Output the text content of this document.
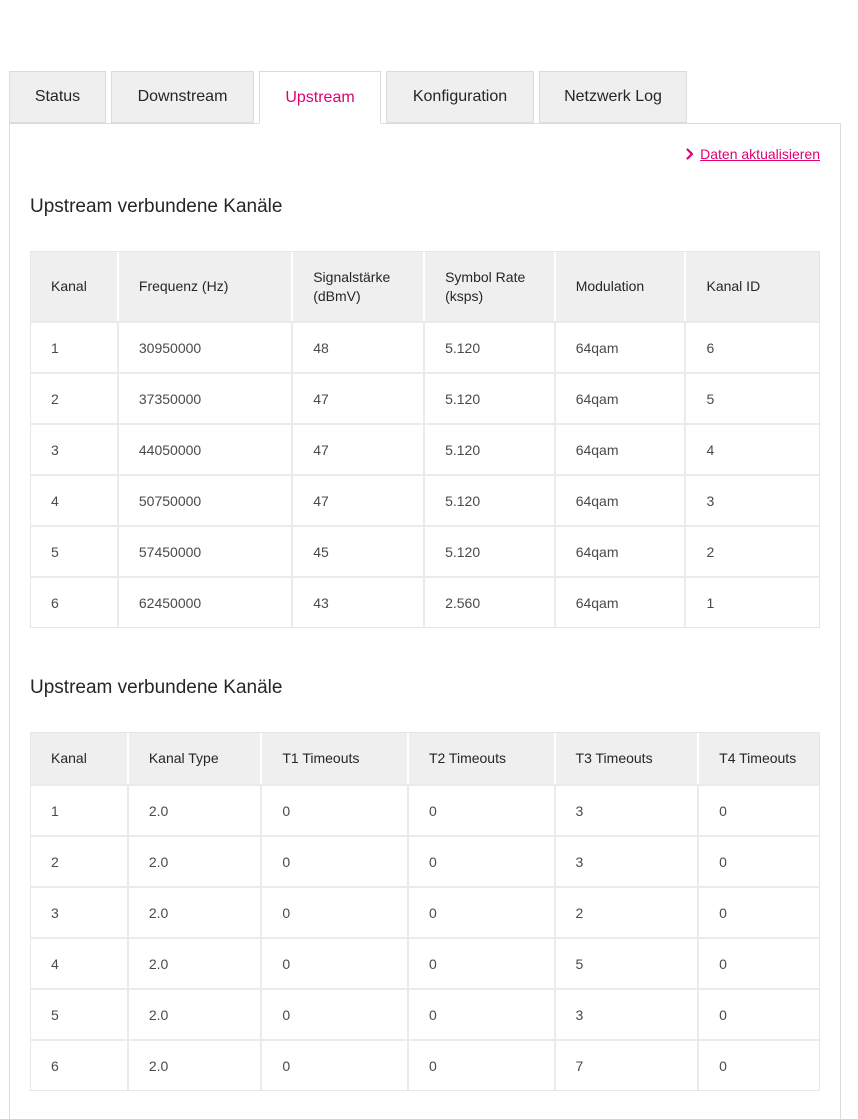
Status	Downstream	Upstream	Konfiguration	Netzwerk Log
Daten aktualisieren
Upstream verbundene Kanäle
Kanal	Frequenz (Hz)	Signalstärke (dBmV)	Symbol Rate (ksps)	Modulation	Kanal ID
1	30950000	48	5.120	64qam	6
2	37350000	47	5.120	64qam	5
3	44050000	47	5.120	64qam	4
4	50750000	47	5.120	64qam	3
5	57450000	45	5.120	64qam	2
6	62450000	43	2.560	64qam	1
Upstream verbundene Kanäle
Kanal	Kanal Type	T1 Timeouts	T2 Timeouts	T3 Timeouts	T4 Timeouts
1	2.0	0	0	3	0
2	2.0	0	0	3	0
3	2.0	0	0	2	0
4	2.0	0	0	5	0
5	2.0	0	0	3	0
6	2.0	0	0	7	0
